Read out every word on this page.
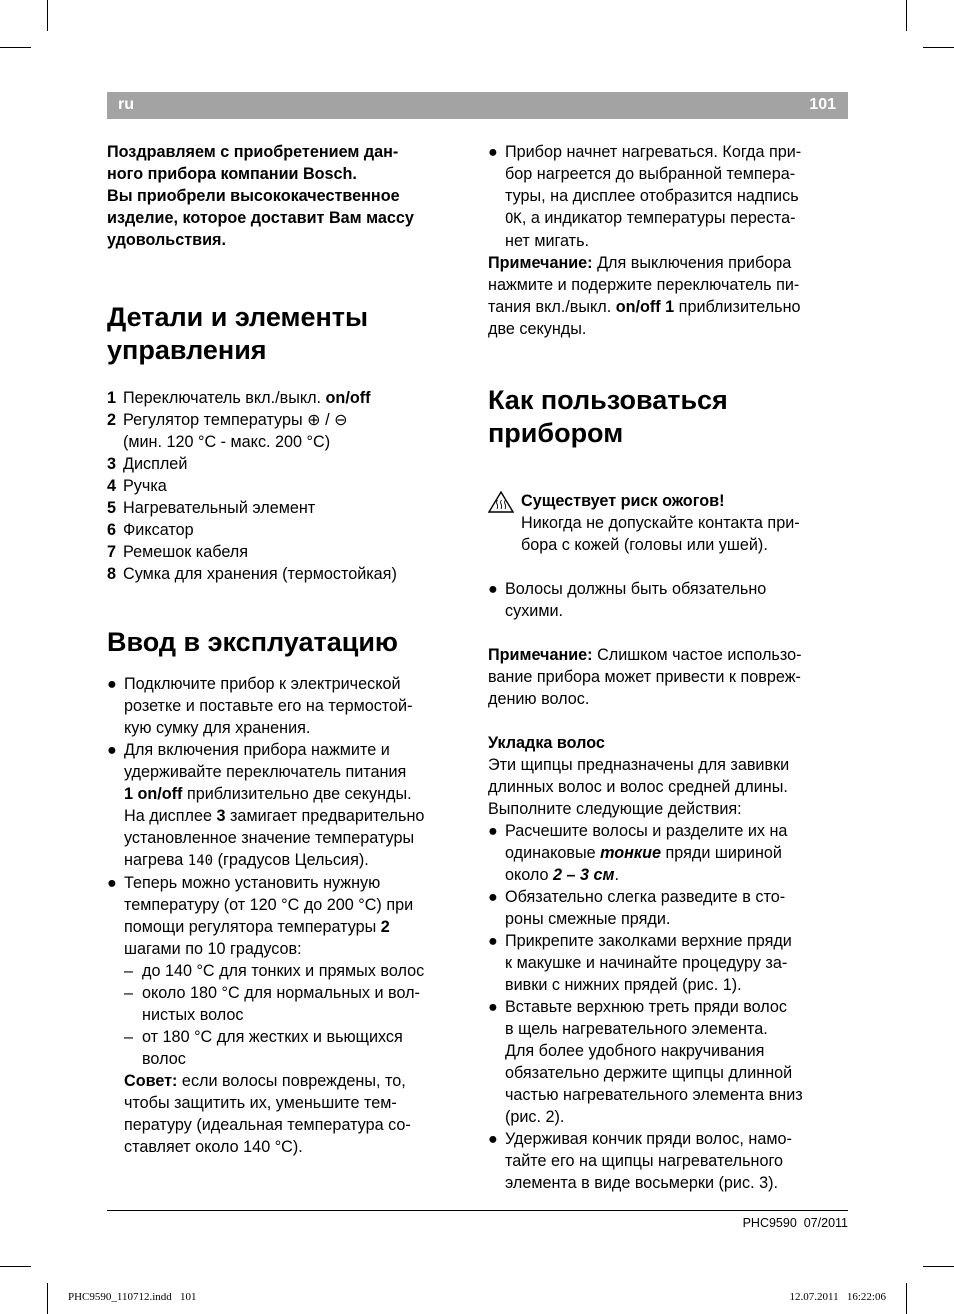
ru	101

Поздравляем с приобретением дан-

ного прибора компании Bosch.

Вы приобрели высококачественное

изделие, которое доставит Вам массу

удовольствия.

Детали и элементы
управления
1 Переключатель вкл./выкл. on/off
2 Регулятор температуры ⊕ / ⊖
(мин. 120 °C - макс. 200 °C)
3 Дисплей
4 Ручка
5 Нагревательный элемент
6 Фиксатор
7 Ремешок кабеля
8 Сумка для хранения (термостойкая)
Ввод в эксплуатацию
● Подключите прибор к электрической

розетке и поставьте его на термостой-

кую сумку для хранения.

● Для включения прибора нажмите и

удерживайте переключатель питания

1 on/off приблизительно две секунды.

На дисплее 3 замигает предварительно

установленное значение температуры

нагрева 140 (градусов Цельсия).

● Теперь можно установить нужную

температуру (от 120 °C до 200 °C) при

помощи регулятора температуры 2

шагами по 10 градусов:

– до 140 °C для тонких и прямых волос

– около 180 °C для нормальных и вол-

нистых волос

– от 180 °C для жестких и вьющихся

волос

Совет: если волосы повреждены, то,

чтобы защитить их, уменьшите тем-

пературу (идеальная температура со-

ставляет около 140 °C).

● Прибор начнет нагреваться. Когда при-

бор нагреется до выбранной темпера-

туры, на дисплее отобразится надпись

OK, а индикатор температуры переста-

нет мигать.

Примечание: Для выключения прибора

нажмите и подержите переключатель пи-

тания вкл./выкл. on/off 1 приблизительно

две секунды.

Как пользоваться
прибором

Существует риск ожогов!

Никогда не допускайте контакта при-

бора с кожей (головы или ушей).

● Волосы должны быть обязательно

сухими.

Примечание: Слишком частое использо-

вание прибора может привести к повреж-

дению волос.

Укладка волос

Эти щипцы предназначены для завивки

длинных волос и волос средней длины.

Выполните следующие действия:

● Расчешите волосы и разделите их на

одинаковые тонкие пряди шириной

около 2 – 3 см.

● Обязательно слегка разведите в сто-

роны смежные пряди.

● Прикрепите заколками верхние пряди

к макушке и начинайте процедуру за-

вивки с нижних прядей (рис. 1).

● Вставьте верхнюю треть пряди волос

в щель нагревательного элемента.

Для более удобного накручивания

обязательно держите щипцы длинной

частью нагревательного элемента вниз

(рис. 2).

● Удерживая кончик пряди волос, намо-

тайте его на щипцы нагревательного

элемента в виде восьмерки (рис. 3).

PHC9590 07/2011
PHC9590_110712.indd   101	12.07.2011   16:22:06
